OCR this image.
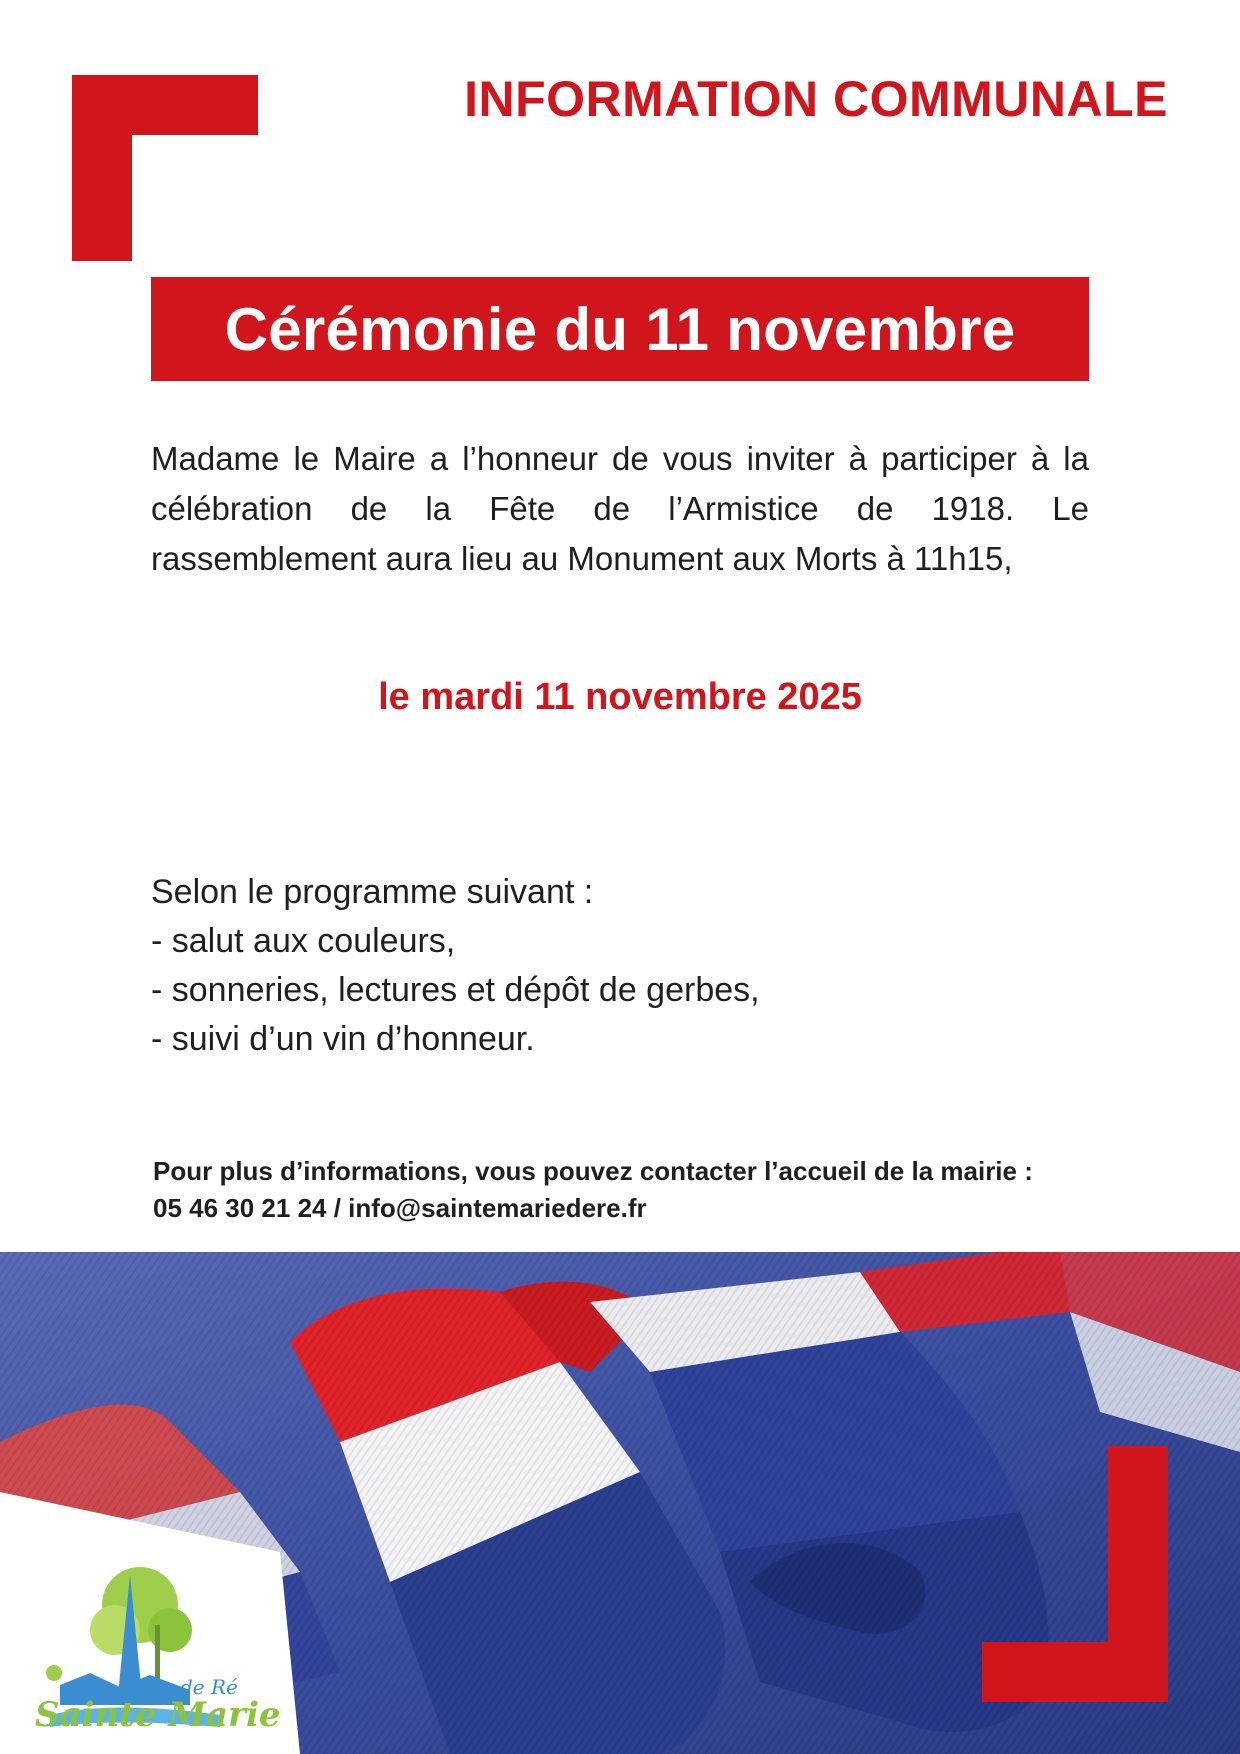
INFORMATION COMMUNALE
Cérémonie du 11 novembre
Madame le Maire a l’honneur de vous inviter à participer à la célébration de la Fête de l’Armistice de 1918. Le rassemblement aura lieu au Monument aux Morts à 11h15,
le mardi 11 novembre 2025
Selon le programme suivant :
- salut aux couleurs,
- sonneries, lectures et dépôt de gerbes,
- suivi d’un vin d’honneur.
Pour plus d’informations, vous pouvez contacter l’accueil de la mairie :
05 46 30 21 24 / info@saintemariedere.fr
de Ré
Sainte Marie
